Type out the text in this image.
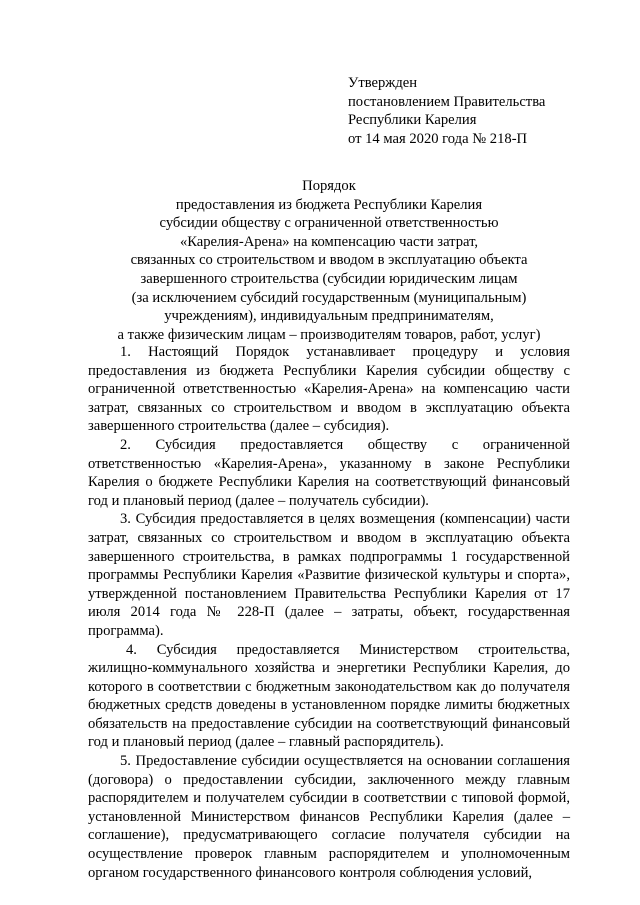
Утвержден
постановлением Правительства
Республики Карелия
от 14 мая 2020 года № 218-П
Порядок
предоставления из бюджета Республики Карелия
субсидии обществу с ограниченной ответственностью
«Карелия-Арена» на компенсацию части затрат,
связанных со строительством и вводом в эксплуатацию объекта
завершенного строительства (субсидии юридическим лицам
(за исключением субсидий государственным (муниципальным)
учреждениям), индивидуальным предпринимателям,
а также физическим лицам – производителям товаров, работ, услуг)

1. Настоящий Порядок устанавливает процедуру и условия предоставления из бюджета Республики Карелия субсидии обществу с ограниченной ответственностью «Карелия-Арена» на компенсацию части затрат, связанных со строительством и вводом в эксплуатацию объекта завершенного строительства (далее – субсидия).

2. Субсидия предоставляется обществу с ограниченной ответственностью «Карелия-Арена», указанному в законе Республики Карелия о бюджете Республики Карелия на соответствующий финансовый год и плановый период (далее – получатель субсидии).

3. Субсидия предоставляется в целях возмещения (компенсации) части затрат, связанных со строительством и вводом в эксплуатацию объекта завершенного строительства, в рамках подпрограммы 1 государственной программы Республики Карелия «Развитие физической культуры и спорта», утвержденной постановлением Правительства Республики Карелия от 17 июля 2014 года № 228-П (далее – затраты, объект, государственная программа).

4. Субсидия предоставляется Министерством строительства, жилищно-коммунального хозяйства и энергетики Республики Карелия, до которого в соответствии с бюджетным законодательством как до получателя бюджетных средств доведены в установленном порядке лимиты бюджетных обязательств на предоставление субсидии на соответствующий финансовый год и плановый период (далее – главный распорядитель).

5. Предоставление субсидии осуществляется на основании соглашения (договора) о предоставлении субсидии, заключенного между главным распорядителем и получателем субсидии в соответствии с типовой формой, установленной Министерством финансов Республики Карелия (далее – соглашение), предусматривающего согласие получателя субсидии на осуществление проверок главным распорядителем и уполномоченным органом государственного финансового контроля соблюдения условий,
